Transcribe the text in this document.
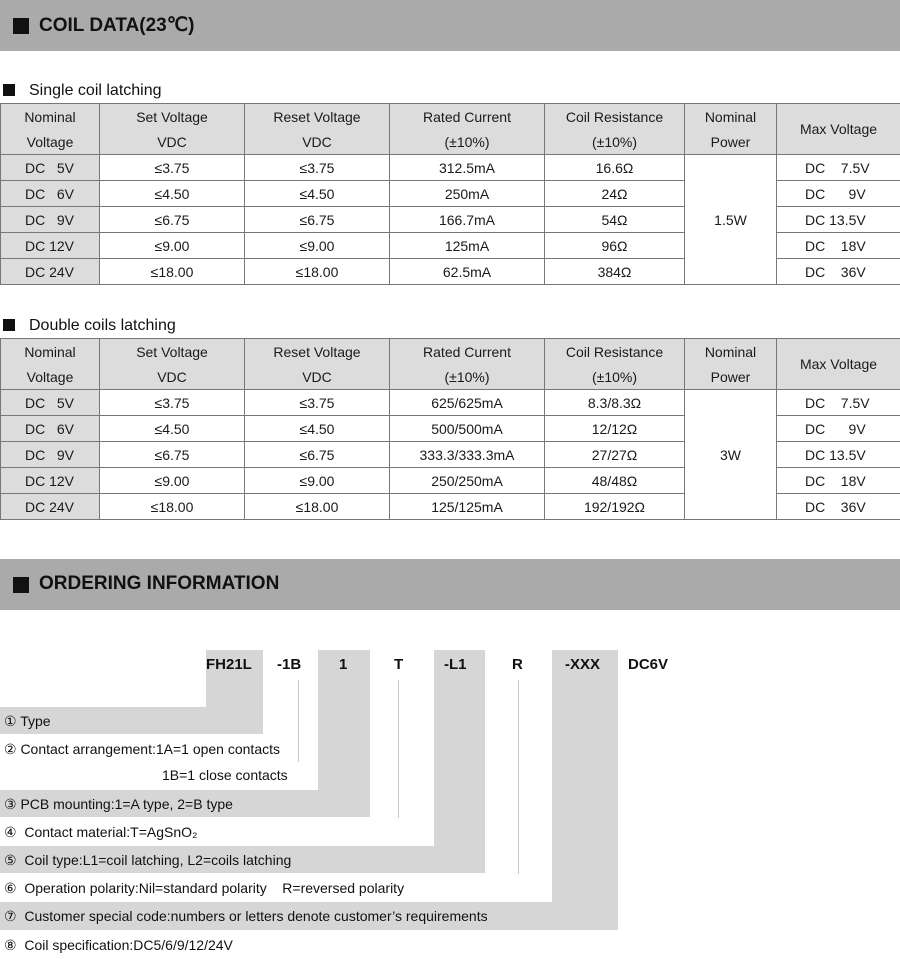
COIL DATA(23℃)
Single coil latching
Nominal	Set Voltage	Reset Voltage	Rated Current	Coil Resistance	Nominal	Max Voltage
Voltage	VDC	VDC	(±10%)	(±10%)	Power	
DC   5V	≤3.75	≤3.75	312.5mA	16.6Ω	1.5W	DC    7.5V
DC   6V	≤4.50	≤4.50	250mA	24Ω		DC      9V
DC   9V	≤6.75	≤6.75	166.7mA	54Ω		DC 13.5V
DC 12V	≤9.00	≤9.00	125mA	96Ω		DC    18V
DC 24V	≤18.00	≤18.00	62.5mA	384Ω		DC    36V
Double coils latching
Nominal	Set Voltage	Reset Voltage	Rated Current	Coil Resistance	Nominal	Max Voltage
Voltage	VDC	VDC	(±10%)	(±10%)	Power	
DC   5V	≤3.75	≤3.75	625/625mA	8.3/8.3Ω	3W	DC    7.5V
DC   6V	≤4.50	≤4.50	500/500mA	12/12Ω		DC      9V
DC   9V	≤6.75	≤6.75	333.3/333.3mA	27/27Ω		DC 13.5V
DC 12V	≤9.00	≤9.00	250/250mA	48/48Ω		DC    18V
DC 24V	≤18.00	≤18.00	125/125mA	192/192Ω		DC    36V
ORDERING INFORMATION
FH21L -1B	1	T	-L1	R	-XXX DC6V
① Type
② Contact arrangement:1A=1 open contacts
1B=1 close contacts
③ PCB mounting:1=A type, 2=B type
④  Contact material:T=AgSnO₂
⑤  Coil type:L1=coil latching, L2=coils latching
⑥  Operation polarity:Nil=standard polarity    R=reversed polarity
⑦  Customer special code:numbers or letters denote customer’s requirements
⑧  Coil specification:DC5/6/9/12/24V
